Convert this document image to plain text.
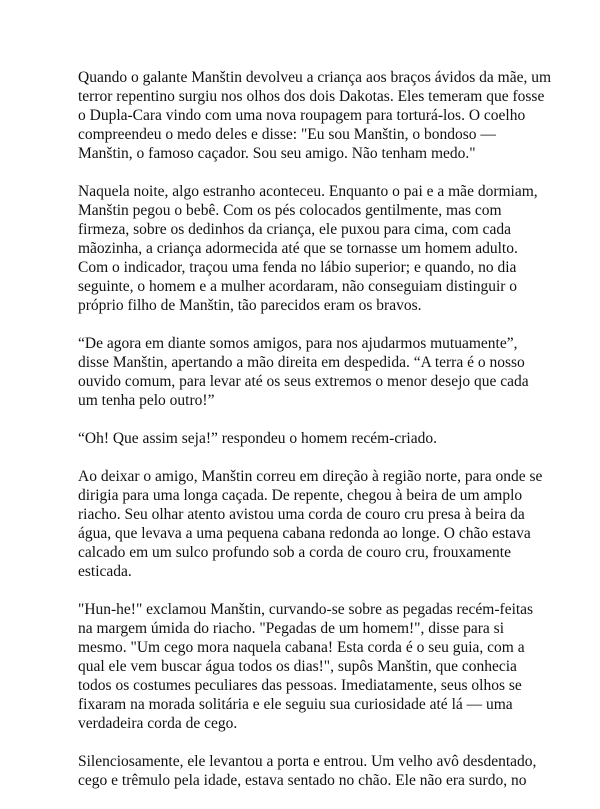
Quando o galante Manštin devolveu a criança aos braços ávidos da mãe, um
terror repentino surgiu nos olhos dos dois Dakotas. Eles temeram que fosse
o Dupla-Cara vindo com uma nova roupagem para torturá-los. O coelho
compreendeu o medo deles e disse: "Eu sou Manštin, o bondoso —
Manštin, o famoso caçador. Sou seu amigo. Não tenham medo."

Naquela noite, algo estranho aconteceu. Enquanto o pai e a mãe dormiam,
Manštin pegou o bebê. Com os pés colocados gentilmente, mas com
firmeza, sobre os dedinhos da criança, ele puxou para cima, com cada
mãozinha, a criança adormecida até que se tornasse um homem adulto.
Com o indicador, traçou uma fenda no lábio superior; e quando, no dia
seguinte, o homem e a mulher acordaram, não conseguiam distinguir o
próprio filho de Manštin, tão parecidos eram os bravos.

“De agora em diante somos amigos, para nos ajudarmos mutuamente”,
disse Manštin, apertando a mão direita em despedida. “A terra é o nosso
ouvido comum, para levar até os seus extremos o menor desejo que cada
um tenha pelo outro!”

“Oh! Que assim seja!” respondeu o homem recém-criado.

Ao deixar o amigo, Manštin correu em direção à região norte, para onde se
dirigia para uma longa caçada. De repente, chegou à beira de um amplo
riacho. Seu olhar atento avistou uma corda de couro cru presa à beira da
água, que levava a uma pequena cabana redonda ao longe. O chão estava
calcado em um sulco profundo sob a corda de couro cru, frouxamente
esticada.

"Hun-he!" exclamou Manštin, curvando-se sobre as pegadas recém-feitas
na margem úmida do riacho. "Pegadas de um homem!", disse para si
mesmo. "Um cego mora naquela cabana! Esta corda é o seu guia, com a
qual ele vem buscar água todos os dias!", supôs Manštin, que conhecia
todos os costumes peculiares das pessoas. Imediatamente, seus olhos se
fixaram na morada solitária e ele seguiu sua curiosidade até lá — uma
verdadeira corda de cego.

Silenciosamente, ele levantou a porta e entrou. Um velho avô desdentado,
cego e trêmulo pela idade, estava sentado no chão. Ele não era surdo, no
